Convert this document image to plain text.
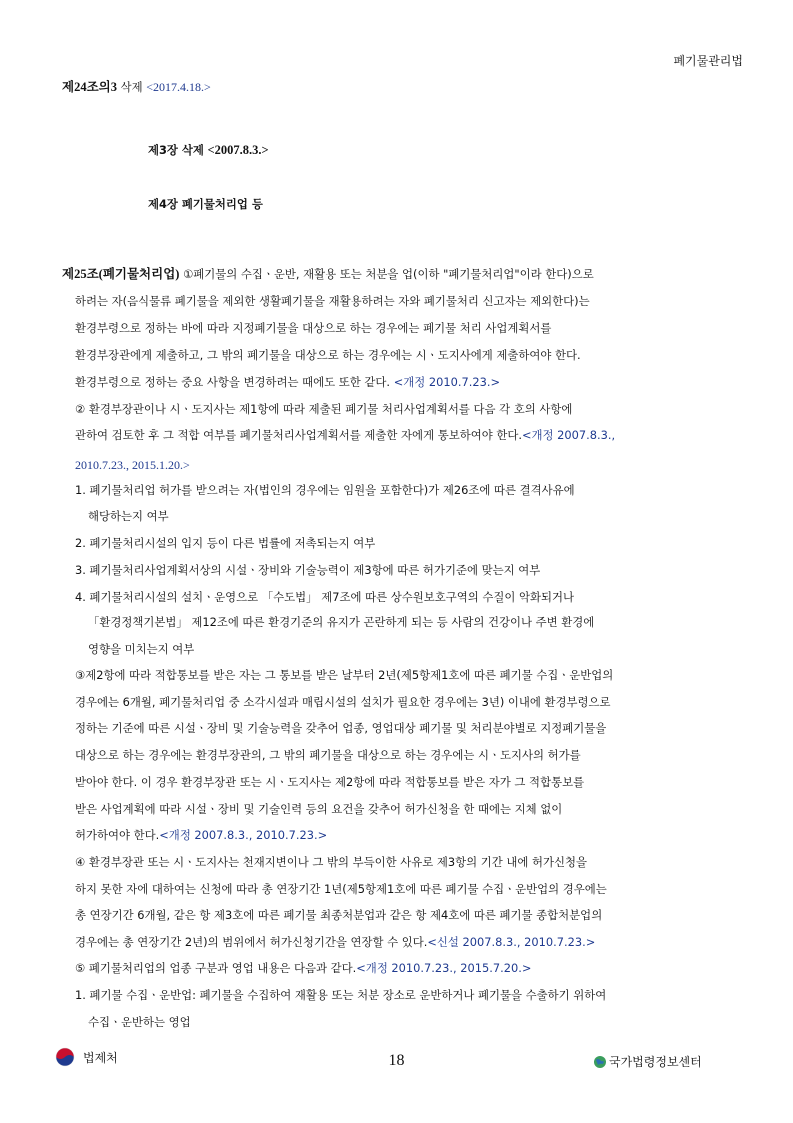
폐기물관리법
제24조의3 삭제 <2017.4.18.>
제3장 삭제 <2007.8.3.>
제4장 폐기물처리업 등
제25조(폐기물처리업) ①폐기물의 수집ㆍ운반, 재활용 또는 처분을 업(이하 "폐기물처리업"이라 한다)으로
하려는 자(음식물류 폐기물을 제외한 생활폐기물을 재활용하려는 자와 폐기물처리 신고자는 제외한다)는
환경부령으로 정하는 바에 따라 지정폐기물을 대상으로 하는 경우에는 폐기물 처리 사업계획서를
환경부장관에게 제출하고, 그 밖의 폐기물을 대상으로 하는 경우에는 시ㆍ도지사에게 제출하여야 한다.
환경부령으로 정하는 중요 사항을 변경하려는 때에도 또한 같다. <개정 2010.7.23.>
② 환경부장관이나 시ㆍ도지사는 제1항에 따라 제출된 폐기물 처리사업계획서를 다음 각 호의 사항에
관하여 검토한 후 그 적합 여부를 폐기물처리사업계획서를 제출한 자에게 통보하여야 한다.<개정 2007.8.3.,
2010.7.23., 2015.1.20.>
1. 폐기물처리업 허가를 받으려는 자(법인의 경우에는 임원을 포함한다)가 제26조에 따른 결격사유에
해당하는지 여부
2. 폐기물처리시설의 입지 등이 다른 법률에 저촉되는지 여부
3. 폐기물처리사업계획서상의 시설ㆍ장비와 기술능력이 제3항에 따른 허가기준에 맞는지 여부
4. 폐기물처리시설의 설치ㆍ운영으로 「수도법」 제7조에 따른 상수원보호구역의 수질이 악화되거나
「환경정책기본법」 제12조에 따른 환경기준의 유지가 곤란하게 되는 등 사람의 건강이나 주변 환경에
영향을 미치는지 여부
③제2항에 따라 적합통보를 받은 자는 그 통보를 받은 날부터 2년(제5항제1호에 따른 폐기물 수집ㆍ운반업의
경우에는 6개월, 폐기물처리업 중 소각시설과 매립시설의 설치가 필요한 경우에는 3년) 이내에 환경부령으로
정하는 기준에 따른 시설ㆍ장비 및 기술능력을 갖추어 업종, 영업대상 폐기물 및 처리분야별로 지정폐기물을
대상으로 하는 경우에는 환경부장관의, 그 밖의 폐기물을 대상으로 하는 경우에는 시ㆍ도지사의 허가를
받아야 한다. 이 경우 환경부장관 또는 시ㆍ도지사는 제2항에 따라 적합통보를 받은 자가 그 적합통보를
받은 사업계획에 따라 시설ㆍ장비 및 기술인력 등의 요건을 갖추어 허가신청을 한 때에는 지체 없이
허가하여야 한다.<개정 2007.8.3., 2010.7.23.>
④ 환경부장관 또는 시ㆍ도지사는 천재지변이나 그 밖의 부득이한 사유로 제3항의 기간 내에 허가신청을
하지 못한 자에 대하여는 신청에 따라 총 연장기간 1년(제5항제1호에 따른 폐기물 수집ㆍ운반업의 경우에는
총 연장기간 6개월, 같은 항 제3호에 따른 폐기물 최종처분업과 같은 항 제4호에 따른 폐기물 종합처분업의
경우에는 총 연장기간 2년)의 범위에서 허가신청기간을 연장할 수 있다.<신설 2007.8.3., 2010.7.23.>
⑤ 폐기물처리업의 업종 구분과 영업 내용은 다음과 같다.<개정 2010.7.23., 2015.7.20.>
1. 폐기물 수집ㆍ운반업: 폐기물을 수집하여 재활용 또는 처분 장소로 운반하거나 폐기물을 수출하기 위하여
수집ㆍ운반하는 영업
법제처	18	국가법령정보센터
